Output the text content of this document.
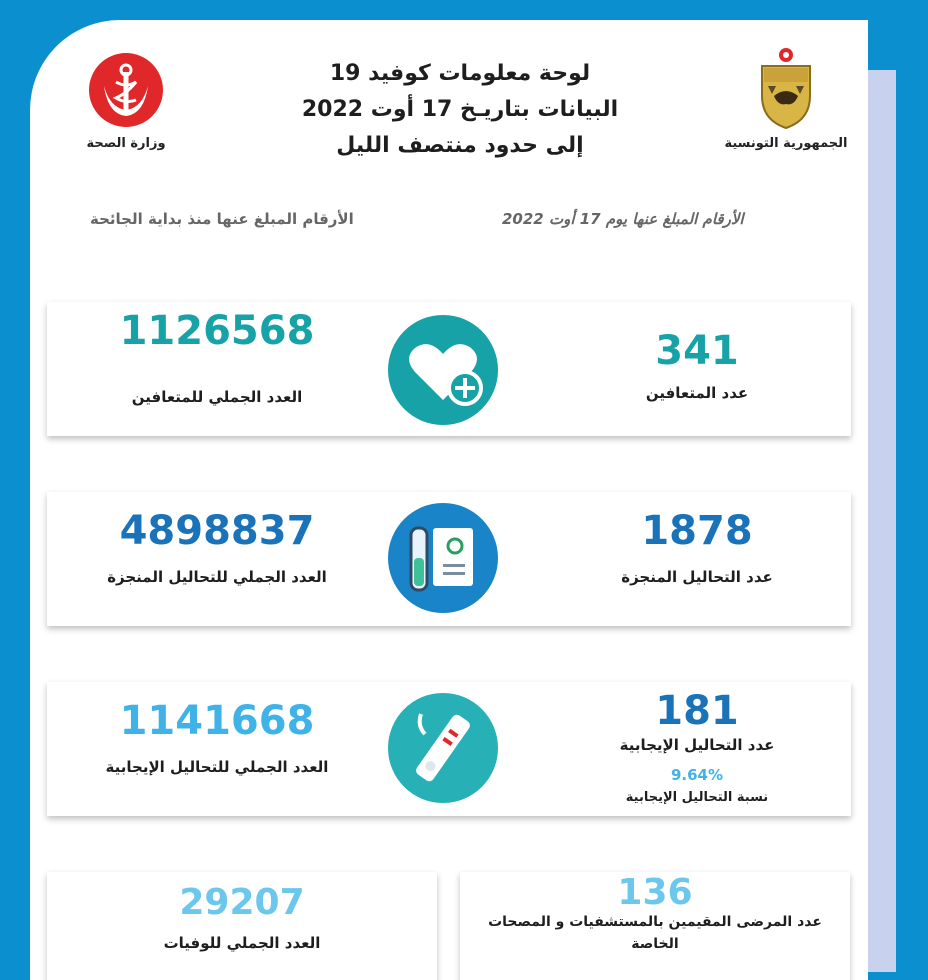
وزارة الصحة
لوحة معلومات كوفيد 19
البيانات بتاريـخ 17 أوت 2022
إلى حدود منتصف الليل	الجمهورية التونسية
الأرقام المبلغ عنها منذ بداية الجائحة	الأرقام المبلغ عنها يوم 17 أوت 2022
1126568
العدد الجملي للمتعافين
341
عدد المتعافين
4898837
العدد الجملي للتحاليل المنجزة
1878
عدد التحاليل المنجزة
1141668
العدد الجملي للتحاليل الإيجابية
181
عدد التحاليل الإيجابية
9.64%
نسبة التحاليل الإيجابية
29207
العدد الجملي للوفيات
136
عدد المرضى المقيمين بالمستشفيات و المصحات
الخاصة
